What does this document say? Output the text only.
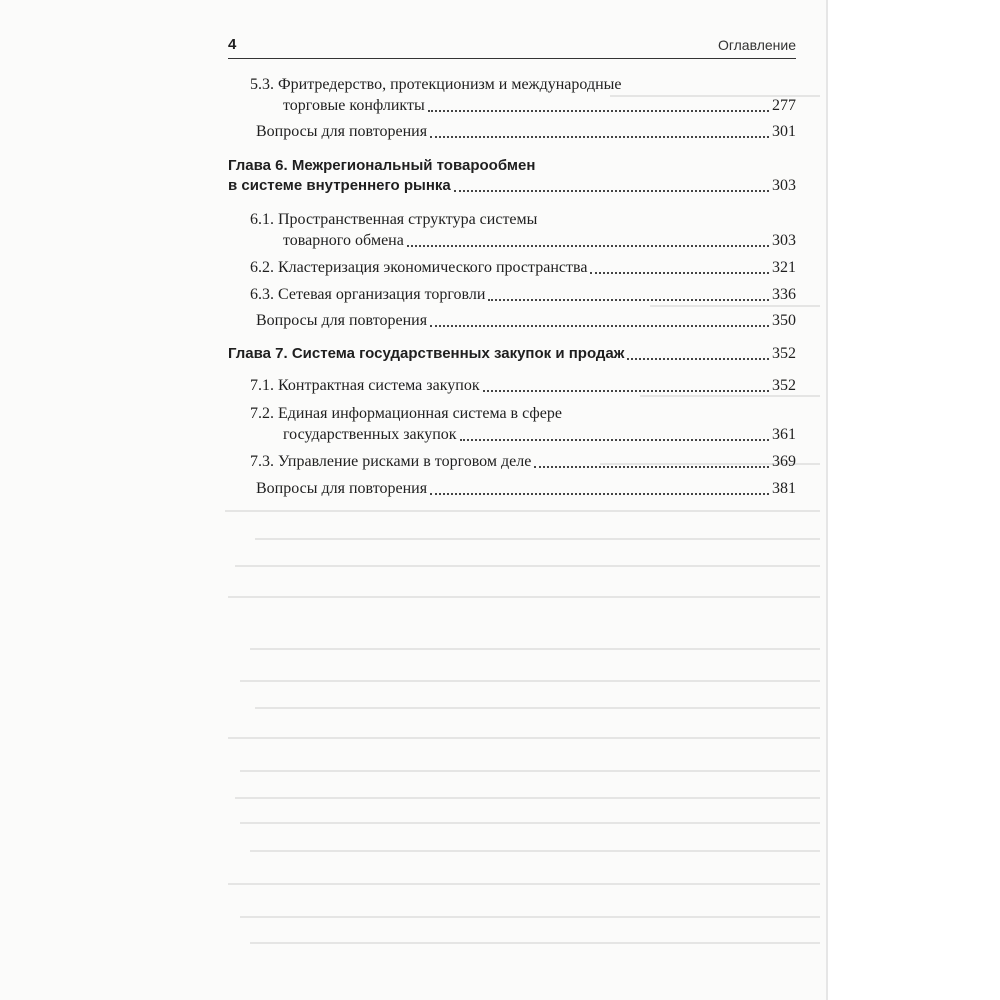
4	Оглавление
5.3. Фритредерство, протекционизм и международные
торговые конфликты	277
Вопросы для повторения	301
Глава 6. Межрегиональный товарообмен
в системе внутреннего рынка	303
6.1. Пространственная структура системы
товарного обмена	303
6.2. Кластеризация экономического пространства	321
6.3. Сетевая организация торговли	336
Вопросы для повторения	350
Глава 7. Система государственных закупок и продаж	352
7.1. Контрактная система закупок	352
7.2. Единая информационная система в сфере
государственных закупок	361
7.3. Управление рисками в торговом деле	369
Вопросы для повторения	381
